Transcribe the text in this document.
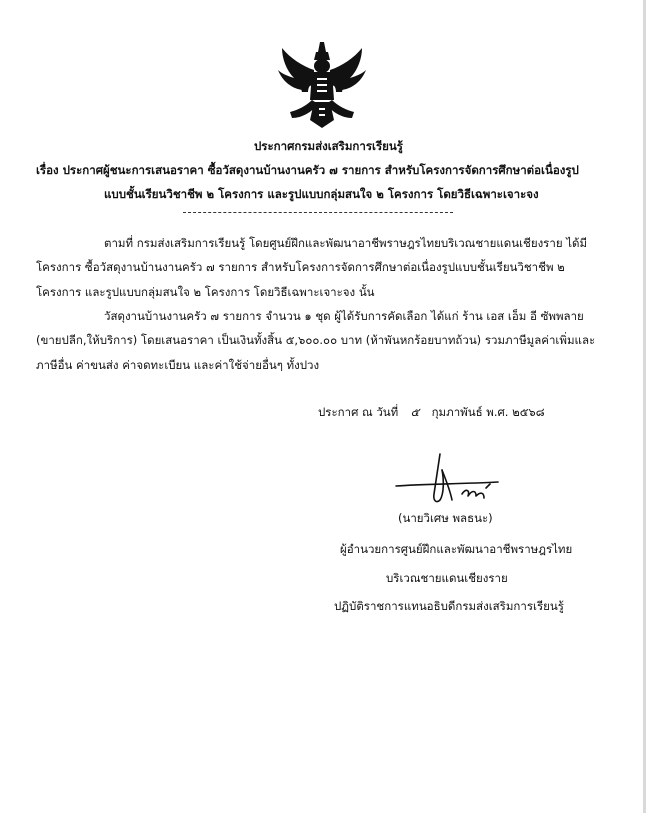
ประกาศกรมส่งเสริมการเรียนรู้
เรื่อง ประกาศผู้ชนะการเสนอราคา ซื้อวัสดุงานบ้านงานครัว ๗ รายการ สำหรับโครงการจัดการศึกษาต่อเนื่องรูป
แบบชั้นเรียนวิชาชีพ ๒ โครงการ และรูปแบบกลุ่มสนใจ ๒ โครงการ โดยวิธีเฉพาะเจาะจง
ตามที่ กรมส่งเสริมการเรียนรู้ โดยศูนย์ฝึกและพัฒนาอาชีพราษฎรไทยบริเวณชายแดนเชียงราย ได้มี
โครงการ ซื้อวัสดุงานบ้านงานครัว ๗ รายการ สำหรับโครงการจัดการศึกษาต่อเนื่องรูปแบบชั้นเรียนวิชาชีพ ๒
โครงการ และรูปแบบกลุ่มสนใจ ๒ โครงการ โดยวิธีเฉพาะเจาะจง นั้น
วัสดุงานบ้านงานครัว ๗ รายการ จำนวน ๑ ชุด ผู้ได้รับการคัดเลือก ได้แก่ ร้าน เอส เอ็ม อี ซัพพลาย
(ขายปลีก,ให้บริการ) โดยเสนอราคา เป็นเงินทั้งสิ้น ๕,๖๐๐.๐๐ บาท (ห้าพันหกร้อยบาทถ้วน) รวมภาษีมูลค่าเพิ่มและ
ภาษีอื่น ค่าขนส่ง ค่าจดทะเบียน และค่าใช้จ่ายอื่นๆ ทั้งปวง
ประกาศ ณ วันที่ ๕ กุมภาพันธ์ พ.ศ. ๒๕๖๘
(นายวิเศษ พลธนะ)
ผู้อำนวยการศูนย์ฝึกและพัฒนาอาชีพราษฎรไทย
บริเวณชายแดนเชียงราย
ปฏิบัติราชการแทนอธิบดีกรมส่งเสริมการเรียนรู้
